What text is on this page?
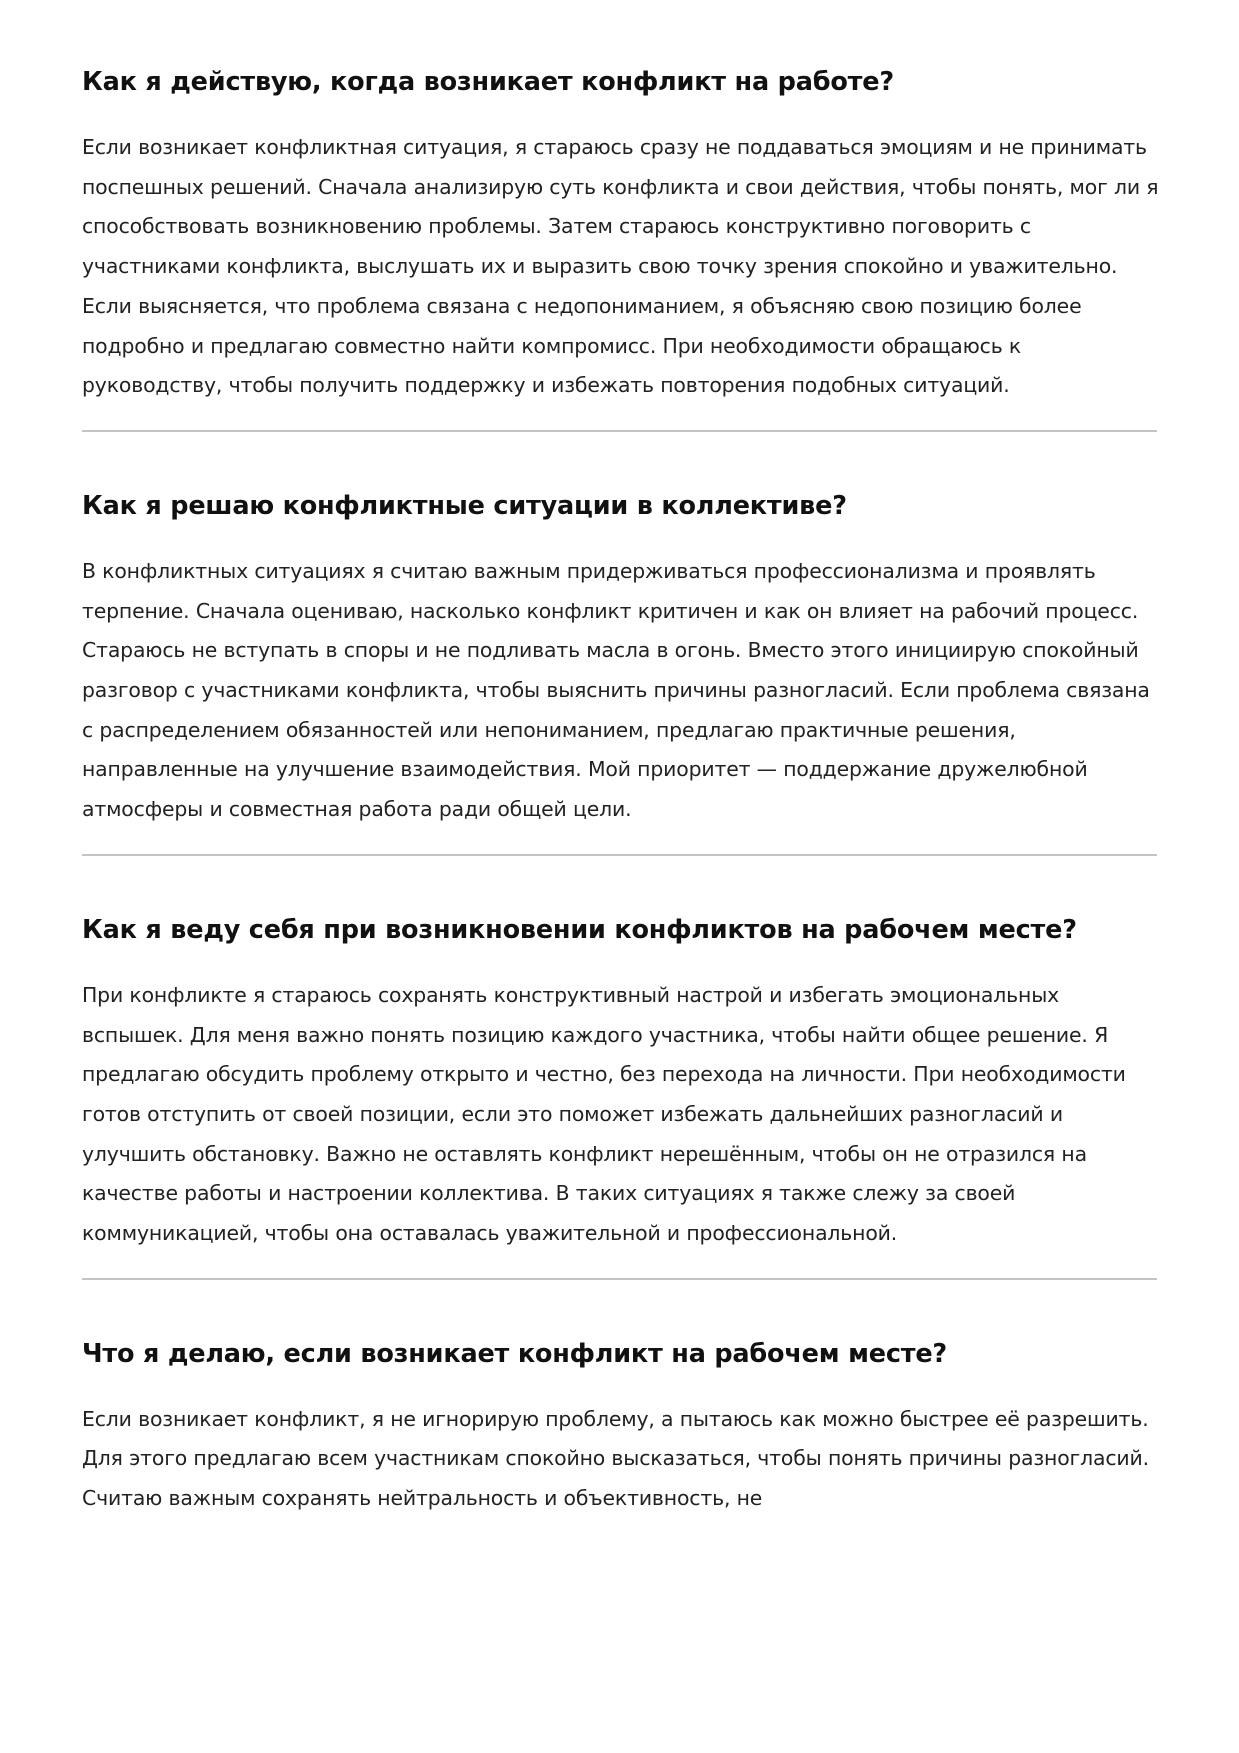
Как я действую, когда возникает конфликт на работе?

Если возникает конфликтная ситуация, я стараюсь сразу не поддаваться эмоциям и не принимать поспешных решений. Сначала анализирую суть конфликта и свои действия, чтобы понять, мог ли я способствовать возникновению проблемы. Затем стараюсь конструктивно поговорить с участниками конфликта, выслушать их и выразить свою точку зрения спокойно и уважительно. Если выясняется, что проблема связана с недопониманием, я объясняю свою позицию более подробно и предлагаю совместно найти компромисс. При необходимости обращаюсь к руководству, чтобы получить поддержку и избежать повторения подобных ситуаций.

Как я решаю конфликтные ситуации в коллективе?

В конфликтных ситуациях я считаю важным придерживаться профессионализма и проявлять терпение. Сначала оцениваю, насколько конфликт критичен и как он влияет на рабочий процесс. Стараюсь не вступать в споры и не подливать масла в огонь. Вместо этого инициирую спокойный разговор с участниками конфликта, чтобы выяснить причины разногласий. Если проблема связана с распределением обязанностей или непониманием, предлагаю практичные решения, направленные на улучшение взаимодействия. Мой приоритет — поддержание дружелюбной атмосферы и совместная работа ради общей цели.

Как я веду себя при возникновении конфликтов на рабочем месте?

При конфликте я стараюсь сохранять конструктивный настрой и избегать эмоциональных вспышек. Для меня важно понять позицию каждого участника, чтобы найти общее решение. Я предлагаю обсудить проблему открыто и честно, без перехода на личности. При необходимости готов отступить от своей позиции, если это поможет избежать дальнейших разногласий и улучшить обстановку. Важно не оставлять конфликт нерешённым, чтобы он не отразился на качестве работы и настроении коллектива. В таких ситуациях я также слежу за своей коммуникацией, чтобы она оставалась уважительной и профессиональной.

Что я делаю, если возникает конфликт на рабочем месте?

Если возникает конфликт, я не игнорирую проблему, а пытаюсь как можно быстрее её разрешить. Для этого предлагаю всем участникам спокойно высказаться, чтобы понять причины разногласий. Считаю важным сохранять нейтральность и объективность, не
